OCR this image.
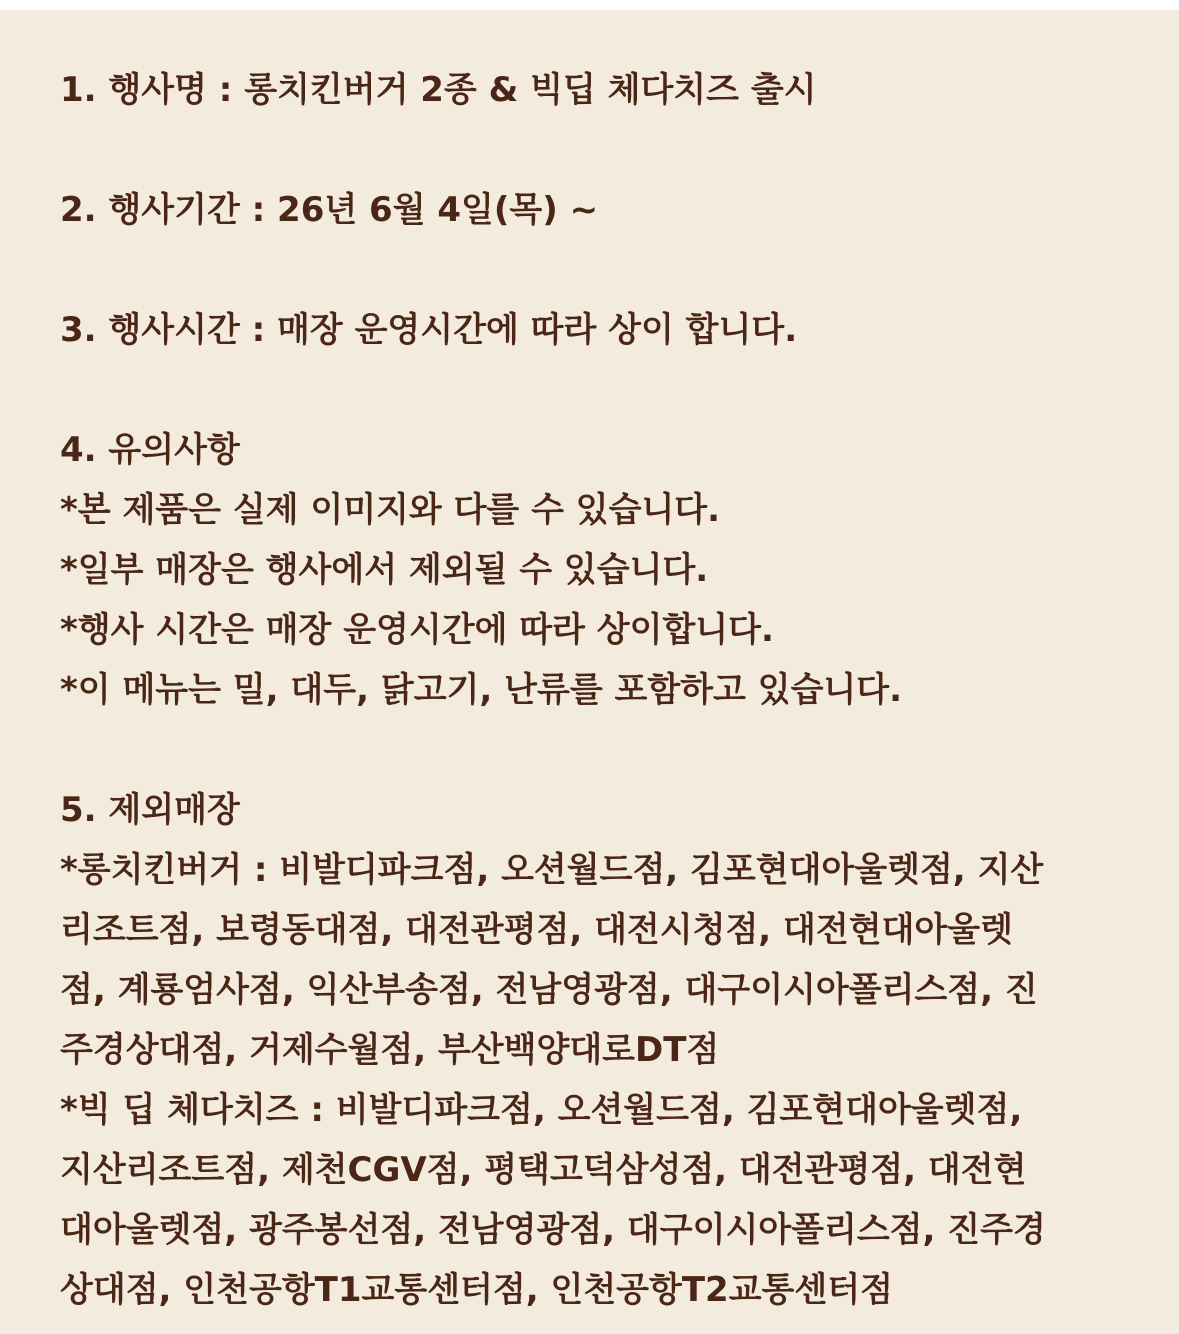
1. 행사명 : 롱치킨버거 2종 & 빅딥 체다치즈 출시
2. 행사기간 : 26년 6월 4일(목) ~
3. 행사시간 : 매장 운영시간에 따라 상이 합니다.
4. 유의사항
*본 제품은 실제 이미지와 다를 수 있습니다.
*일부 매장은 행사에서 제외될 수 있습니다.
*행사 시간은 매장 운영시간에 따라 상이합니다.
*이 메뉴는 밀, 대두, 닭고기, 난류를 포함하고 있습니다.
5. 제외매장
*롱치킨버거 : 비발디파크점, 오션월드점, 김포현대아울렛점, 지산
리조트점, 보령동대점, 대전관평점, 대전시청점, 대전현대아울렛
점, 계룡엄사점, 익산부송점, 전남영광점, 대구이시아폴리스점, 진
주경상대점, 거제수월점, 부산백양대로DT점
*빅 딥 체다치즈 : 비발디파크점, 오션월드점, 김포현대아울렛점,
지산리조트점, 제천CGV점, 평택고덕삼성점, 대전관평점, 대전현
대아울렛점, 광주봉선점, 전남영광점, 대구이시아폴리스점, 진주경
상대점, 인천공항T1교통센터점, 인천공항T2교통센터점
